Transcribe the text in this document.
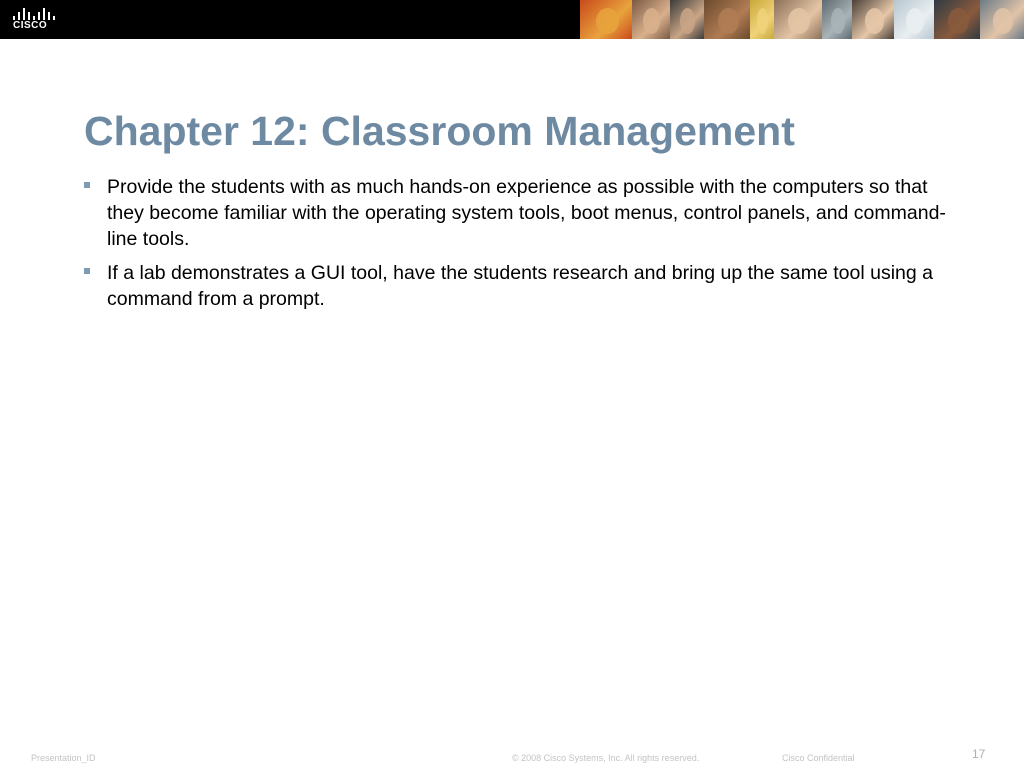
CISCO
Chapter 12: Classroom Management
Provide the students with as much hands-on experience as possible with the computers so that they become familiar with the operating system tools, boot menus, control panels, and command-line tools.
If a lab demonstrates a GUI tool, have the students research and bring up the same tool using a command from a prompt.
Presentation_ID	© 2008 Cisco Systems, Inc. All rights reserved.	Cisco Confidential	17
